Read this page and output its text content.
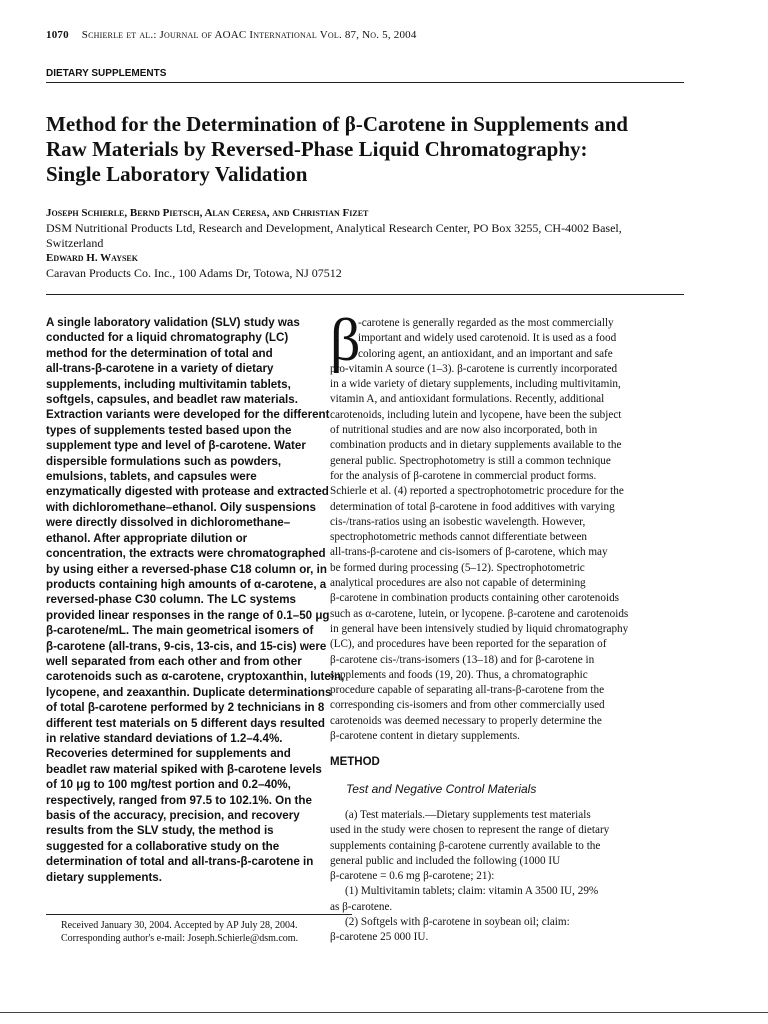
1070 Schierle et al.: Journal of AOAC International Vol. 87, No. 5, 2004
DIETARY SUPPLEMENTS
Method for the Determination of β-Carotene in Supplements and
Raw Materials by Reversed-Phase Liquid Chromatography:
Single Laboratory Validation
Joseph Schierle, Bernd Pietsch, Alan Ceresa, and Christian Fizet
DSM Nutritional Products Ltd, Research and Development, Analytical Research Center, PO Box 3255, CH-4002 Basel,
Switzerland
Edward H. Waysek
Caravan Products Co. Inc., 100 Adams Dr, Totowa, NJ 07512
A single laboratory validation (SLV) study was
conducted for a liquid chromatography (LC)
method for the determination of total and
all-trans-β-carotene in a variety of dietary
supplements, including multivitamin tablets,
softgels, capsules, and beadlet raw materials.
Extraction variants were developed for the different
types of supplements tested based upon the
supplement type and level of β-carotene. Water
dispersible formulations such as powders,
emulsions, tablets, and capsules were
enzymatically digested with protease and extracted
with dichloromethane–ethanol. Oily suspensions
were directly dissolved in dichloromethane–
ethanol. After appropriate dilution or
concentration, the extracts were chromatographed
by using either a reversed-phase C18 column or, in
products containing high amounts of α-carotene, a
reversed-phase C30 column. The LC systems
provided linear responses in the range of 0.1–50 μg
β-carotene/mL. The main geometrical isomers of
β-carotene (all-trans, 9-cis, 13-cis, and 15-cis) were
well separated from each other and from other
carotenoids such as α-carotene, cryptoxanthin, lutein,
lycopene, and zeaxanthin. Duplicate determinations
of total β-carotene performed by 2 technicians in 8
different test materials on 5 different days resulted
in relative standard deviations of 1.2–4.4%.
Recoveries determined for supplements and
beadlet raw material spiked with β-carotene levels
of 10 μg to 100 mg/test portion and 0.2–40%,
respectively, ranged from 97.5 to 102.1%. On the
basis of the accuracy, precision, and recovery
results from the SLV study, the method is
suggested for a collaborative study on the
determination of total and all-trans-β-carotene in
dietary supplements.
Received January 30, 2004. Accepted by AP July 28, 2004.
Corresponding author's e-mail: Joseph.Schierle@dsm.com.
β
-carotene is generally regarded as the most commercially
important and widely used carotenoid. It is used as a food
coloring agent, an antioxidant, and an important and safe
pro-vitamin A source (1–3). β-carotene is currently incorporated
in a wide variety of dietary supplements, including multivitamin,
vitamin A, and antioxidant formulations. Recently, additional
carotenoids, including lutein and lycopene, have been the subject
of nutritional studies and are now also incorporated, both in
combination products and in dietary supplements available to the
general public. Spectrophotometry is still a common technique
for the analysis of β-carotene in commercial product forms.
Schierle et al. (4) reported a spectrophotometric procedure for the
determination of total β-carotene in food additives with varying
cis-/trans-ratios using an isobestic wavelength. However,
spectrophotometric methods cannot differentiate between
all-trans-β-carotene and cis-isomers of β-carotene, which may
be formed during processing (5–12). Spectrophotometric
analytical procedures are also not capable of determining
β-carotene in combination products containing other carotenoids
such as α-carotene, lutein, or lycopene. β-carotene and carotenoids
in general have been intensively studied by liquid chromatography
(LC), and procedures have been reported for the separation of
β-carotene cis-/trans-isomers (13–18) and for β-carotene in
supplements and foods (19, 20). Thus, a chromatographic
procedure capable of separating all-trans-β-carotene from the
corresponding cis-isomers and from other commercially used
carotenoids was deemed necessary to properly determine the
β-carotene content in dietary supplements.
METHOD
Test and Negative Control Materials
(a) Test materials.—Dietary supplements test materials
used in the study were chosen to represent the range of dietary
supplements containing β-carotene currently available to the
general public and included the following (1000 IU
β-carotene = 0.6 mg β-carotene; 21):
(1) Multivitamin tablets; claim: vitamin A 3500 IU, 29%
as β-carotene.
(2) Softgels with β-carotene in soybean oil; claim:
β-carotene 25 000 IU.
